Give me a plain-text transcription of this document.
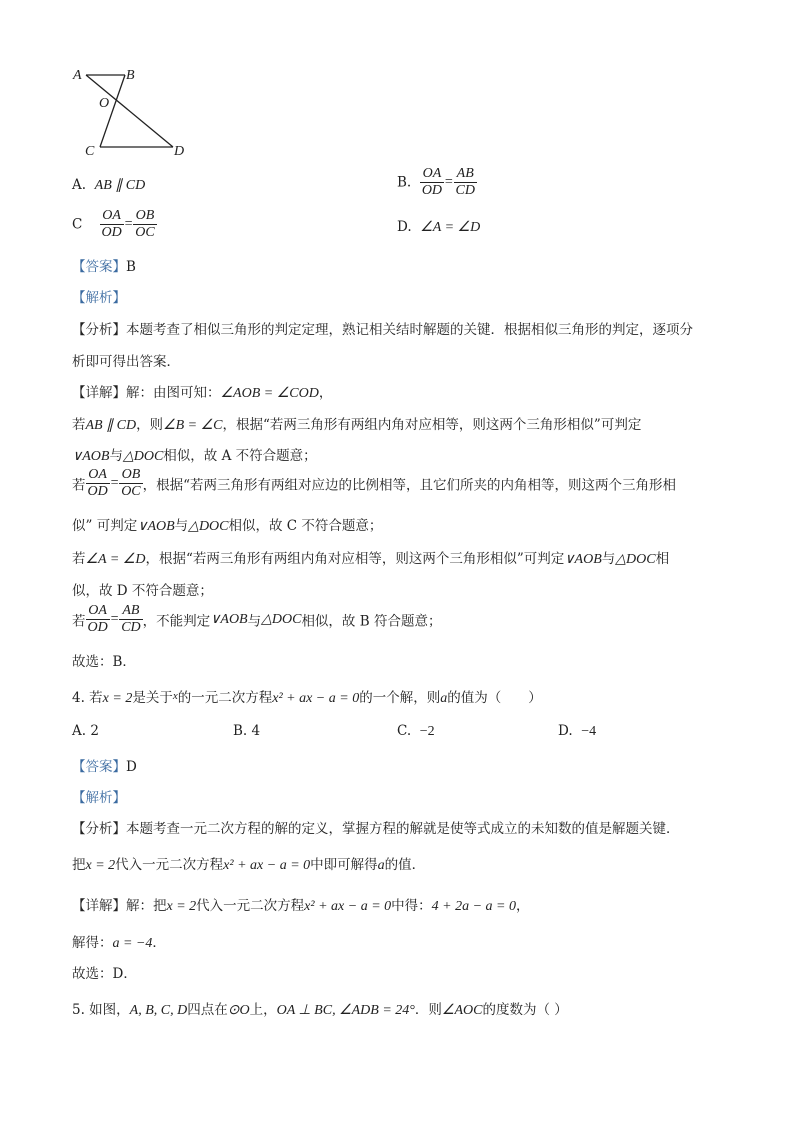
A	B
O
C	D
A. AB ∥ CD	B. $\frac{OA}{OD} = \frac{AB}{CD}$
C $\frac{OA}{OD} = \frac{OB}{OC}$	D. ∠A = ∠D
【答案】B
【解析】
【分析】本题考查了相似三角形的判定定理，熟记相关结时解题的关键．根据相似三角形的判定，逐项分
析即可得出答案．
【详解】解：由图可知：∠AOB = ∠COD，
若AB ∥ CD，则∠B = ∠C，根据“若两三角形有两组内角对应相等，则这两个三角形相似”可判定
∨AOB与△DOC相似，故 A 不符合题意；
若 $\frac{OA}{OD} = \frac{OB}{OC}$ ，根据“若两三角形有两组对应边的比例相等，且它们所夹的内角相等，则这两个三角形相
似” 可判定∨AOB与△DOC相似，故 C 不符合题意；
若∠A = ∠D，根据“若两三角形有两组内角对应相等，则这两个三角形相似”可判定∨AOB与△DOC相
似，故 D 不符合题意；
若 $\frac{OA}{OD} = \frac{AB}{CD}$ ，不能判定∨AOB与△DOC相似，故 B 符合题意；
故选：B．
4. 若x = 2是关于$^x$的一元二次方程x² + ax − a = 0的一个解，则a的值为（　　）
A. 2	B. 4	C. −2	D. −4
【答案】D
【解析】
【分析】本题考查一元二次方程的解的定义，掌握方程的解就是使等式成立的未知数的值是解题关键．
把x = 2代入一元二次方程x² + ax − a = 0中即可解得a的值．
【详解】解：把x = 2代入一元二次方程x² + ax − a = 0中得：4 + 2a − a = 0，
解得：a = −4．
故选：D．
5. 如图，A, B, C, D四点在⊙O上，OA ⊥ BC, ∠ADB = 24°．则∠AOC的度数为（ ）
